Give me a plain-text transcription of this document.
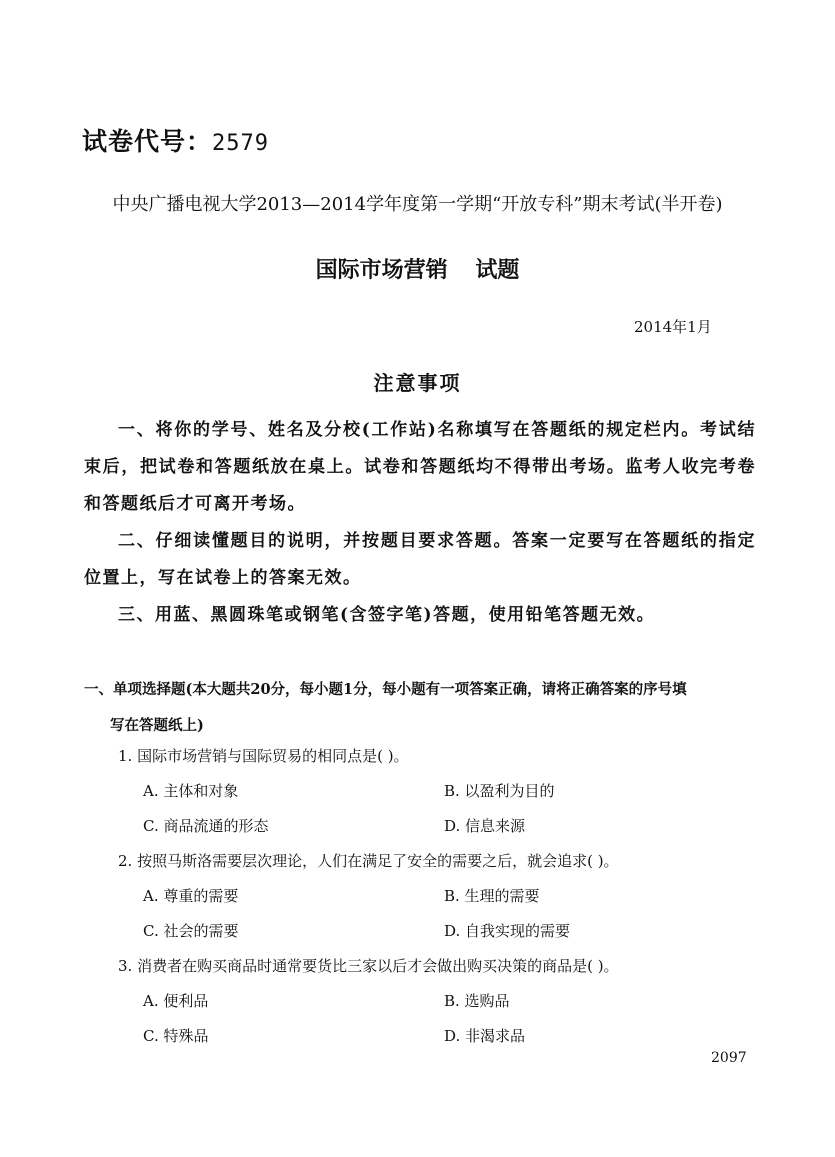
试卷代号：2579
中央广播电视大学2013—2014学年度第一学期“开放专科”期末考试(半开卷)
国际市场营销 试题
2014年1月
注意事项
一、将你的学号、姓名及分校(工作站)名称填写在答题纸的规定栏内。考试结束后，把试卷和答题纸放在桌上。试卷和答题纸均不得带出考场。监考人收完考卷和答题纸后才可离开考场。
二、仔细读懂题目的说明，并按题目要求答题。答案一定要写在答题纸的指定位置上，写在试卷上的答案无效。
三、用蓝、黑圆珠笔或钢笔(含签字笔)答题，使用铅笔答题无效。
一、单项选择题(本大题共20分，每小题1分，每小题有一项答案正确，请将正确答案的序号填
写在答题纸上)
1. 国际市场营销与国际贸易的相同点是( )。
A. 主体和对象	B. 以盈利为目的
C. 商品流通的形态	D. 信息来源
2. 按照马斯洛需要层次理论，人们在满足了安全的需要之后，就会追求( )。
A. 尊重的需要	B. 生理的需要
C. 社会的需要	D. 自我实现的需要
3. 消费者在购买商品时通常要货比三家以后才会做出购买决策的商品是( )。
A. 便利品	B. 选购品
C. 特殊品	D. 非渴求品
2097
